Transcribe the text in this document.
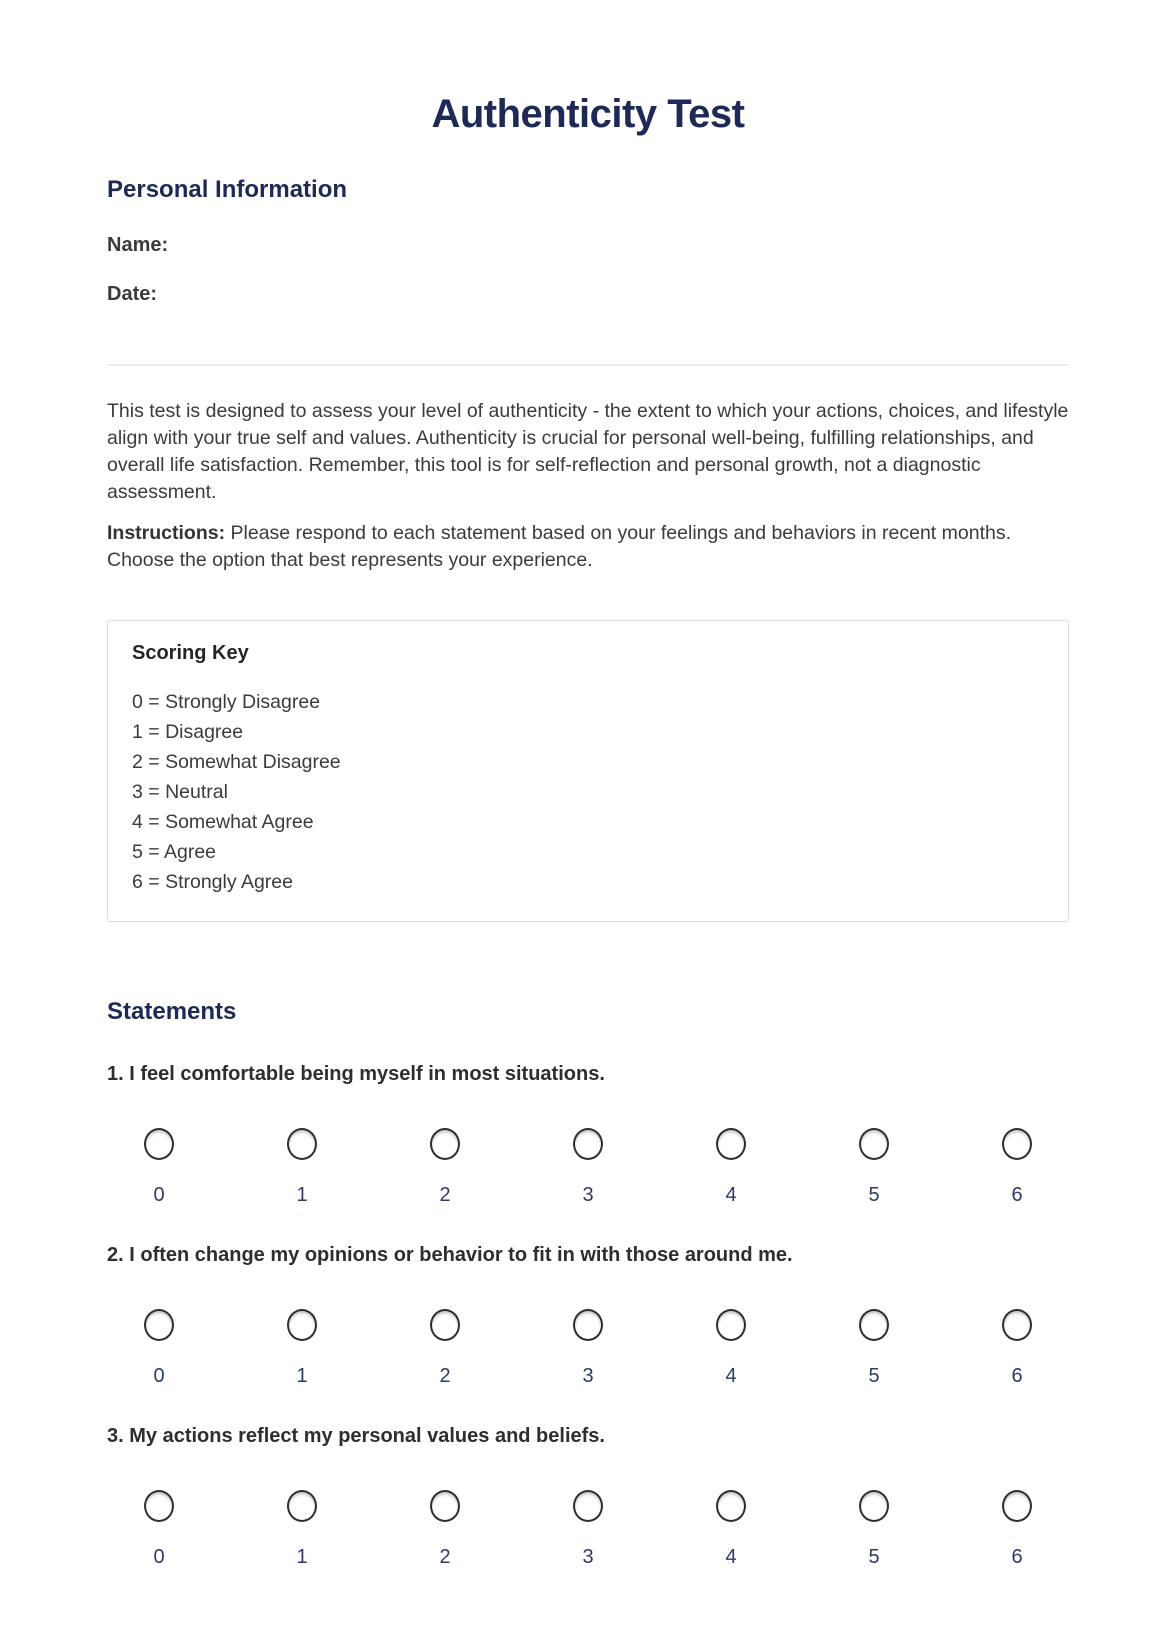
Authenticity Test
Personal Information
Name:
Date:

This test is designed to assess your level of authenticity - the extent to which your actions, choices, and lifestyle align with your true self and values. Authenticity is crucial for personal well-being, fulfilling relationships, and overall life satisfaction. Remember, this tool is for self-reflection and personal growth, not a diagnostic assessment.

Instructions: Please respond to each statement based on your feelings and behaviors in recent months. Choose the option that best represents your experience.

Scoring Key
0 = Strongly Disagree
1 = Disagree
2 = Somewhat Disagree
3 = Neutral
4 = Somewhat Agree
5 = Agree
6 = Strongly Agree
Statements

1. I feel comfortable being myself in most situations.

0	1	2	3	4	5	6

2. I often change my opinions or behavior to fit in with those around me.

0	1	2	3	4	5	6

3. My actions reflect my personal values and beliefs.

0	1	2	3	4	5	6
